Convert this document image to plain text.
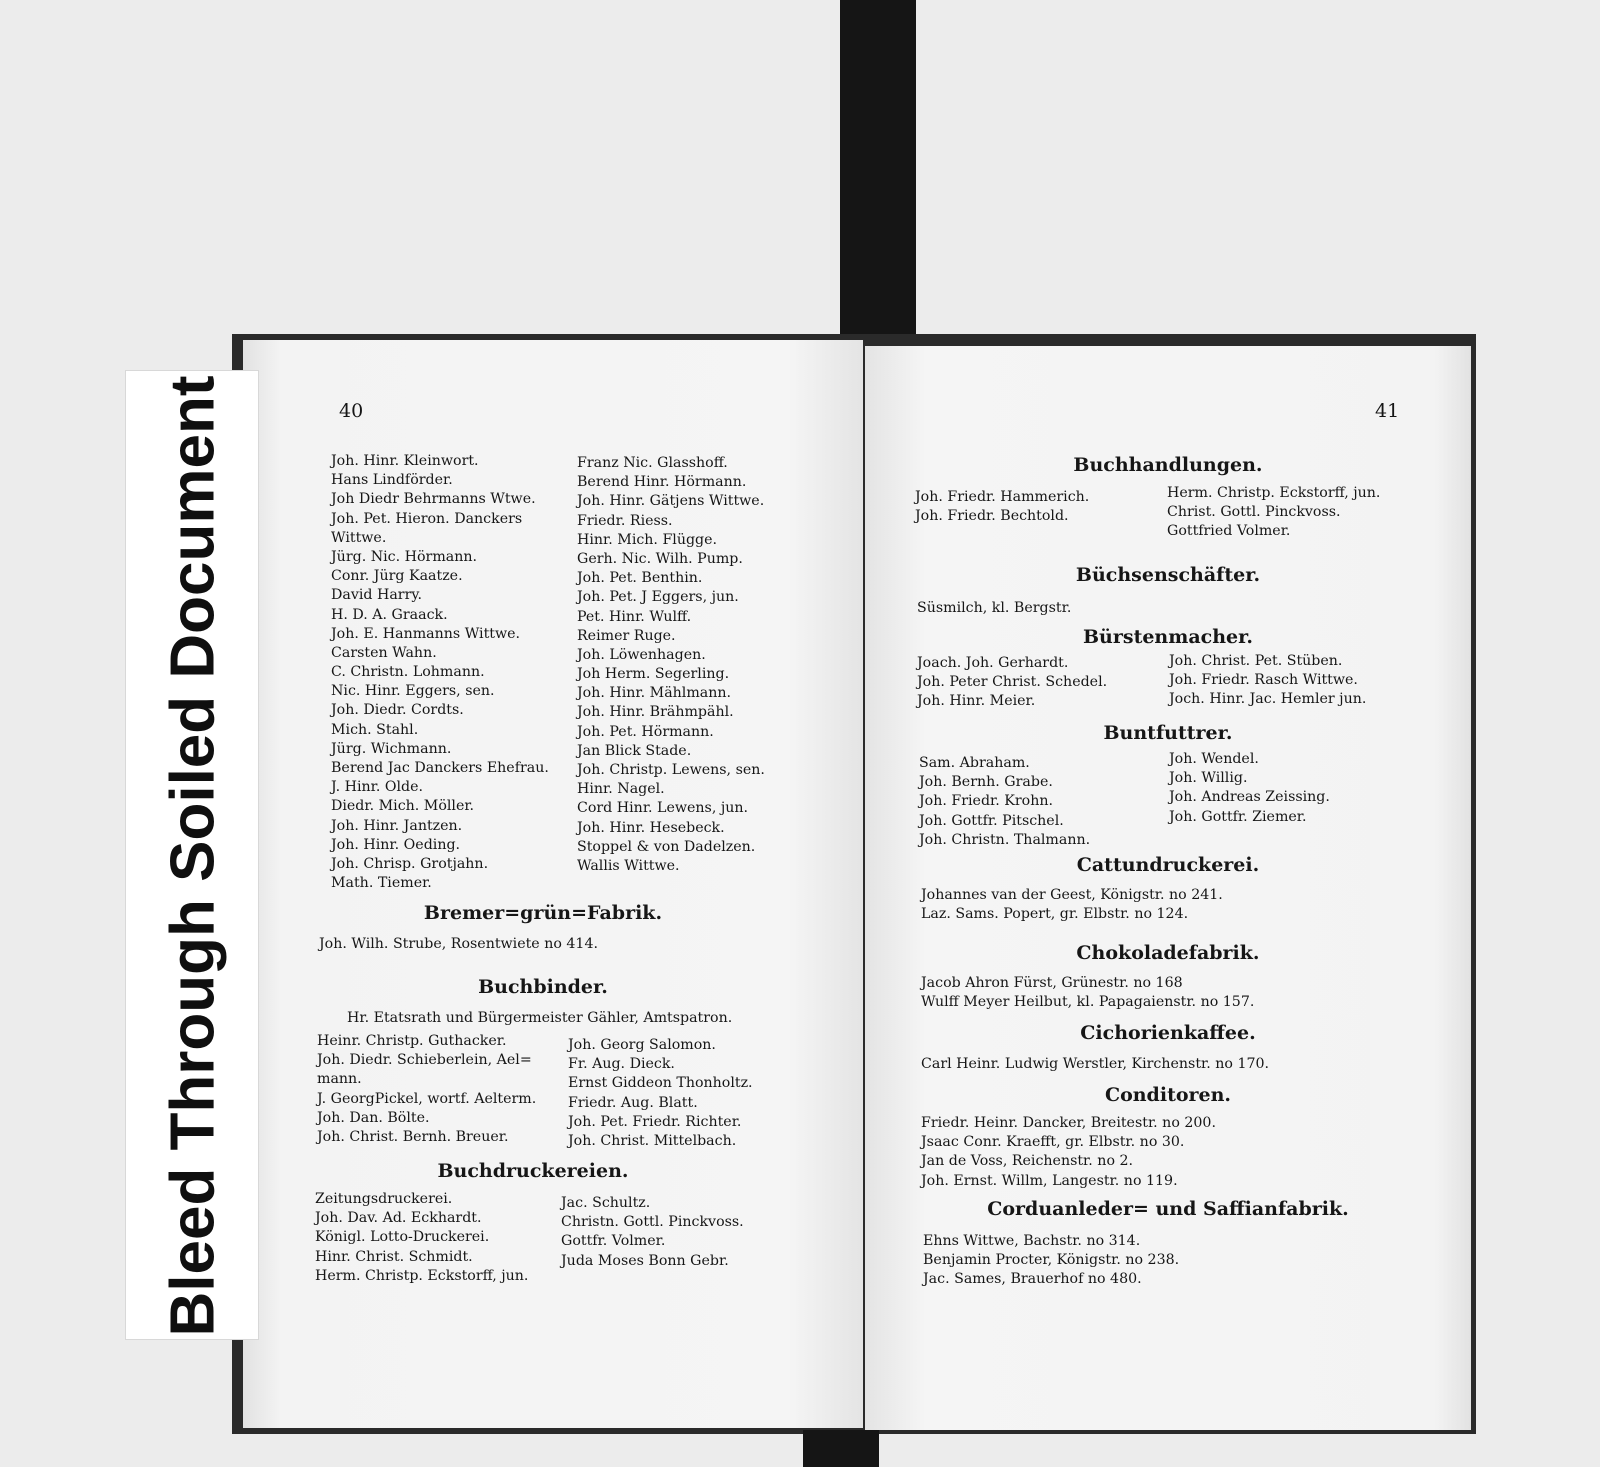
40
Joh. Hinr. Kleinwort.
Hans Lindförder.
Joh Diedr Behrmanns Wtwe.
Joh. Pet. Hieron. Danckers
Wittwe.
Jürg. Nic. Hörmann.
Conr. Jürg Kaatze.
David Harry.
H. D. A. Graack.
Joh. E. Hanmanns Wittwe.
Carsten Wahn.
C. Christn. Lohmann.
Nic. Hinr. Eggers, sen.
Joh. Diedr. Cordts.
Mich. Stahl.
Jürg. Wichmann.
Berend Jac Danckers Ehefrau.
J. Hinr. Olde.
Diedr. Mich. Möller.
Joh. Hinr. Jantzen.
Joh. Hinr. Oeding.
Joh. Chrisp. Grotjahn.
Math. Tiemer.
Franz Nic. Glasshoff.
Berend Hinr. Hörmann.
Joh. Hinr. Gätjens Wittwe.
Friedr. Riess.
Hinr. Mich. Flügge.
Gerh. Nic. Wilh. Pump.
Joh. Pet. Benthin.
Joh. Pet. J Eggers, jun.
Pet. Hinr. Wulff.
Reimer Ruge.
Joh. Löwenhagen.
Joh Herm. Segerling.
Joh. Hinr. Mählmann.
Joh. Hinr. Brähmpähl.
Joh. Pet. Hörmann.
Jan Blick Stade.
Joh. Christp. Lewens, sen.
Hinr. Nagel.
Cord Hinr. Lewens, jun.
Joh. Hinr. Hesebeck.
Stoppel & von Dadelzen.
Wallis Wittwe.
Bremer=grün=Fabrik.
Joh. Wilh. Strube, Rosentwiete no 414.
Buchbinder.
Hr. Etatsrath und Bürgermeister Gähler, Amtspatron.
Heinr. Christp. Guthacker.
Joh. Diedr. Schieberlein, Ael=
mann.
J. GeorgPickel, wortf. Aelterm.
Joh. Dan. Bölte.
Joh. Christ. Bernh. Breuer.
Joh. Georg Salomon.
Fr. Aug. Dieck.
Ernst Giddeon Thonholtz.
Friedr. Aug. Blatt.
Joh. Pet. Friedr. Richter.
Joh. Christ. Mittelbach.
Buchdruckereien.
Zeitungsdruckerei.
Joh. Dav. Ad. Eckhardt.
Königl. Lotto-Druckerei.
Hinr. Christ. Schmidt.
Herm. Christp. Eckstorff, jun.
Jac. Schultz.
Christn. Gottl. Pinckvoss.
Gottfr. Volmer.
Juda Moses Bonn Gebr.
41
Buchhandlungen.
Joh. Friedr. Hammerich.
Joh. Friedr. Bechtold.
Herm. Christp. Eckstorff, jun.
Christ. Gottl. Pinckvoss.
Gottfried Volmer.
Büchsenschäfter.
Süsmilch, kl. Bergstr.
Bürstenmacher.
Joach. Joh. Gerhardt.
Joh. Peter Christ. Schedel.
Joh. Hinr. Meier.
Joh. Christ. Pet. Stüben.
Joh. Friedr. Rasch Wittwe.
Joch. Hinr. Jac. Hemler jun.
Buntfuttrer.
Sam. Abraham.
Joh. Bernh. Grabe.
Joh. Friedr. Krohn.
Joh. Gottfr. Pitschel.
Joh. Christn. Thalmann.
Joh. Wendel.
Joh. Willig.
Joh. Andreas Zeissing.
Joh. Gottfr. Ziemer.
Cattundruckerei.
Johannes van der Geest, Königstr. no 241.
Laz. Sams. Popert, gr. Elbstr. no 124.
Chokoladefabrik.
Jacob Ahron Fürst, Grünestr. no 168
Wulff Meyer Heilbut, kl. Papagaienstr. no 157.
Cichorienkaffee.
Carl Heinr. Ludwig Werstler, Kirchenstr. no 170.
Conditoren.
Friedr. Heinr. Dancker, Breitestr. no 200.
Jsaac Conr. Kraefft, gr. Elbstr. no 30.
Jan de Voss, Reichenstr. no 2.
Joh. Ernst. Willm, Langestr. no 119.
Corduanleder= und Saffianfabrik.
Ehns Wittwe, Bachstr. no 314.
Benjamin Procter, Königstr. no 238.
Jac. Sames, Brauerhof no 480.
Bleed Through Soiled Document
